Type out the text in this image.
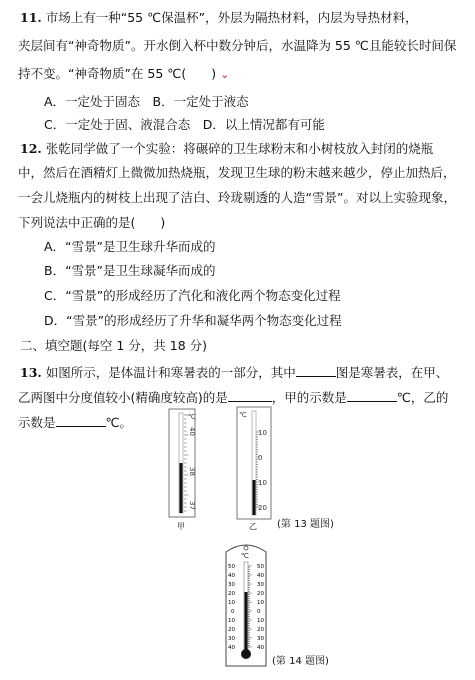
11. 市场上有一种“55 ℃保温杯”，外层为隔热材料，内层为导热材料，
夹层间有“神奇物质”。开水倒入杯中数分钟后，水温降为 55 ℃且能较长时间保
持不变。“神奇物质”在 55 ℃(　　) ⌄
A．一定处于固态　B．一定处于液态
C．一定处于固、液混合态　D．以上情况都有可能
12. 张乾同学做了一个实验：将碾碎的卫生球粉末和小树枝放入封闭的烧瓶
中，然后在酒精灯上微微加热烧瓶，发现卫生球的粉末越来越少，停止加热后，
一会儿烧瓶内的树枝上出现了洁白、玲珑剔透的人造“雪景”。对以上实验现象，
下列说法中正确的是(　　)
A．“雪景”是卫生球升华而成的
B．“雪景”是卫生球凝华而成的
C．“雪景”的形成经历了汽化和液化两个物态变化过程
D．“雪景”的形成经历了升华和凝华两个物态变化过程
二、填空题(每空 1 分，共 18 分)
13. 如图所示，是体温计和寒暑表的一部分，其中	图是寒暑表，在甲、
乙两图中分度值较小(精确度较高)的是	，甲的示数是	℃，乙的
示数是	℃。	℃
40
38
37
甲
℃
10
0
10
20
乙 (第 13 题图)
℃
50
40
30
20
10
0
10
20
30
40
50
40
30
20
10
0
10
20
30
40
(第 14 题图)
